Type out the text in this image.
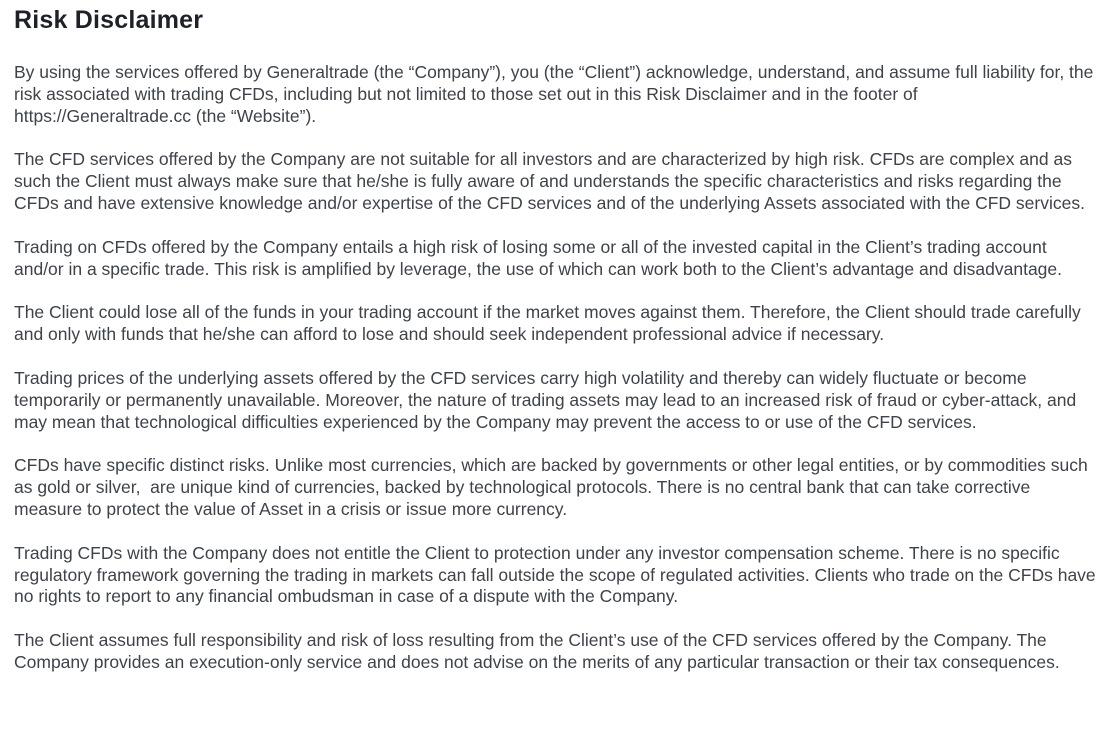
Risk Disclaimer

By using the services offered by Generaltrade (the “Company”), you (the “Client”) acknowledge, understand, and assume full liability for, the risk associated with trading CFDs, including but not limited to those set out in this Risk Disclaimer and in the footer of https://Generaltrade.cc (the “Website”).

The CFD services offered by the Company are not suitable for all investors and are characterized by high risk. CFDs are complex and as such the Client must always make sure that he/she is fully aware of and understands the specific characteristics and risks regarding the CFDs and have extensive knowledge and/or expertise of the CFD services and of the underlying Assets associated with the CFD services.

Trading on CFDs offered by the Company entails a high risk of losing some or all of the invested capital in the Client’s trading account and/or in a specific trade. This risk is amplified by leverage, the use of which can work both to the Client’s advantage and disadvantage.

The Client could lose all of the funds in your trading account if the market moves against them. Therefore, the Client should trade carefully and only with funds that he/she can afford to lose and should seek independent professional advice if necessary.

Trading prices of the underlying assets offered by the CFD services carry high volatility and thereby can widely fluctuate or become temporarily or permanently unavailable. Moreover, the nature of trading assets may lead to an increased risk of fraud or cyber-attack, and may mean that technological difficulties experienced by the Company may prevent the access to or use of the CFD services.

CFDs have specific distinct risks. Unlike most currencies, which are backed by governments or other legal entities, or by commodities such as gold or silver,  are unique kind of currencies, backed by technological protocols. There is no central bank that can take corrective measure to protect the value of Asset in a crisis or issue more currency.

Trading CFDs with the Company does not entitle the Client to protection under any investor compensation scheme. There is no specific regulatory framework governing the trading in markets can fall outside the scope of regulated activities. Clients who trade on the CFDs have no rights to report to any financial ombudsman in case of a dispute with the Company.

The Client assumes full responsibility and risk of loss resulting from the Client’s use of the CFD services offered by the Company. The Company provides an execution-only service and does not advise on the merits of any particular transaction or their tax consequences.
